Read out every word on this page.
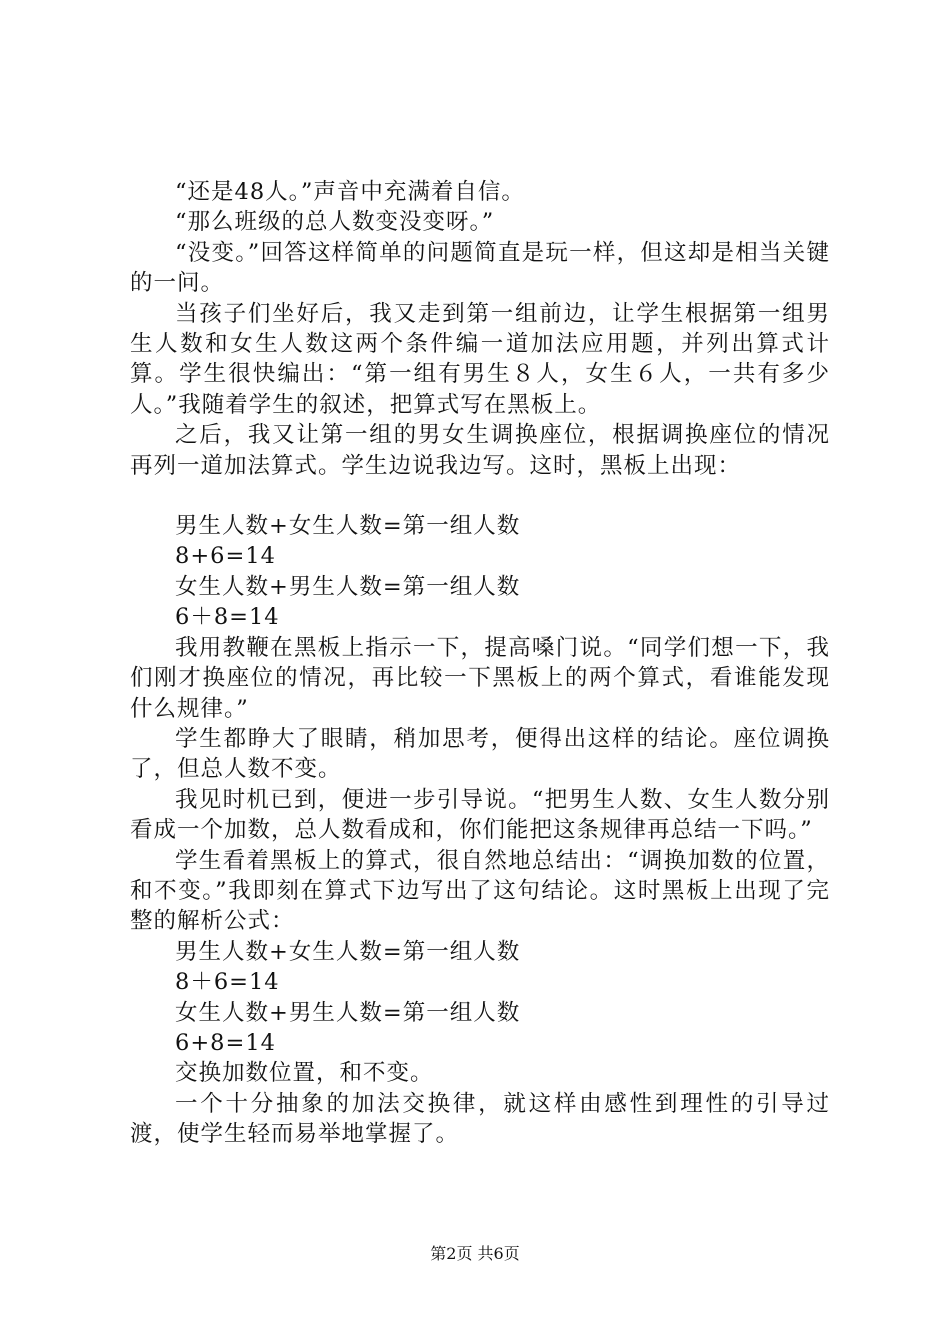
“还是48人。”声音中充满着自信。

“那么班级的总人数变没变呀。”

“没变。”回答这样简单的问题简直是玩一样，但这却是相当关键的一问。

当孩子们坐好后，我又走到第一组前边，让学生根据第一组男生人数和女生人数这两个条件编一道加法应用题，并列出算式计算。学生很快编出：“第一组有男生８人，女生６人，一共有多少人。”我随着学生的叙述，把算式写在黑板上。

之后，我又让第一组的男女生调换座位，根据调换座位的情况再列一道加法算式。学生边说我边写。这时，黑板上出现：

男生人数+女生人数=第一组人数

8+6=14

女生人数+男生人数=第一组人数

6＋8=14

我用教鞭在黑板上指示一下，提高嗓门说。“同学们想一下，我们刚才换座位的情况，再比较一下黑板上的两个算式，看谁能发现什么规律。”

学生都睁大了眼睛，稍加思考，便得出这样的结论。座位调换了，但总人数不变。

我见时机已到，便进一步引导说。“把男生人数、女生人数分别看成一个加数，总人数看成和，你们能把这条规律再总结一下吗。”

学生看着黑板上的算式，很自然地总结出：“调换加数的位置，和不变。”我即刻在算式下边写出了这句结论。这时黑板上出现了完整的解析公式：

男生人数+女生人数=第一组人数

8＋6=14

女生人数+男生人数=第一组人数

6+8=14

交换加数位置，和不变。

一个十分抽象的加法交换律，就这样由感性到理性的引导过渡，使学生轻而易举地掌握了。

第2页 共6页
